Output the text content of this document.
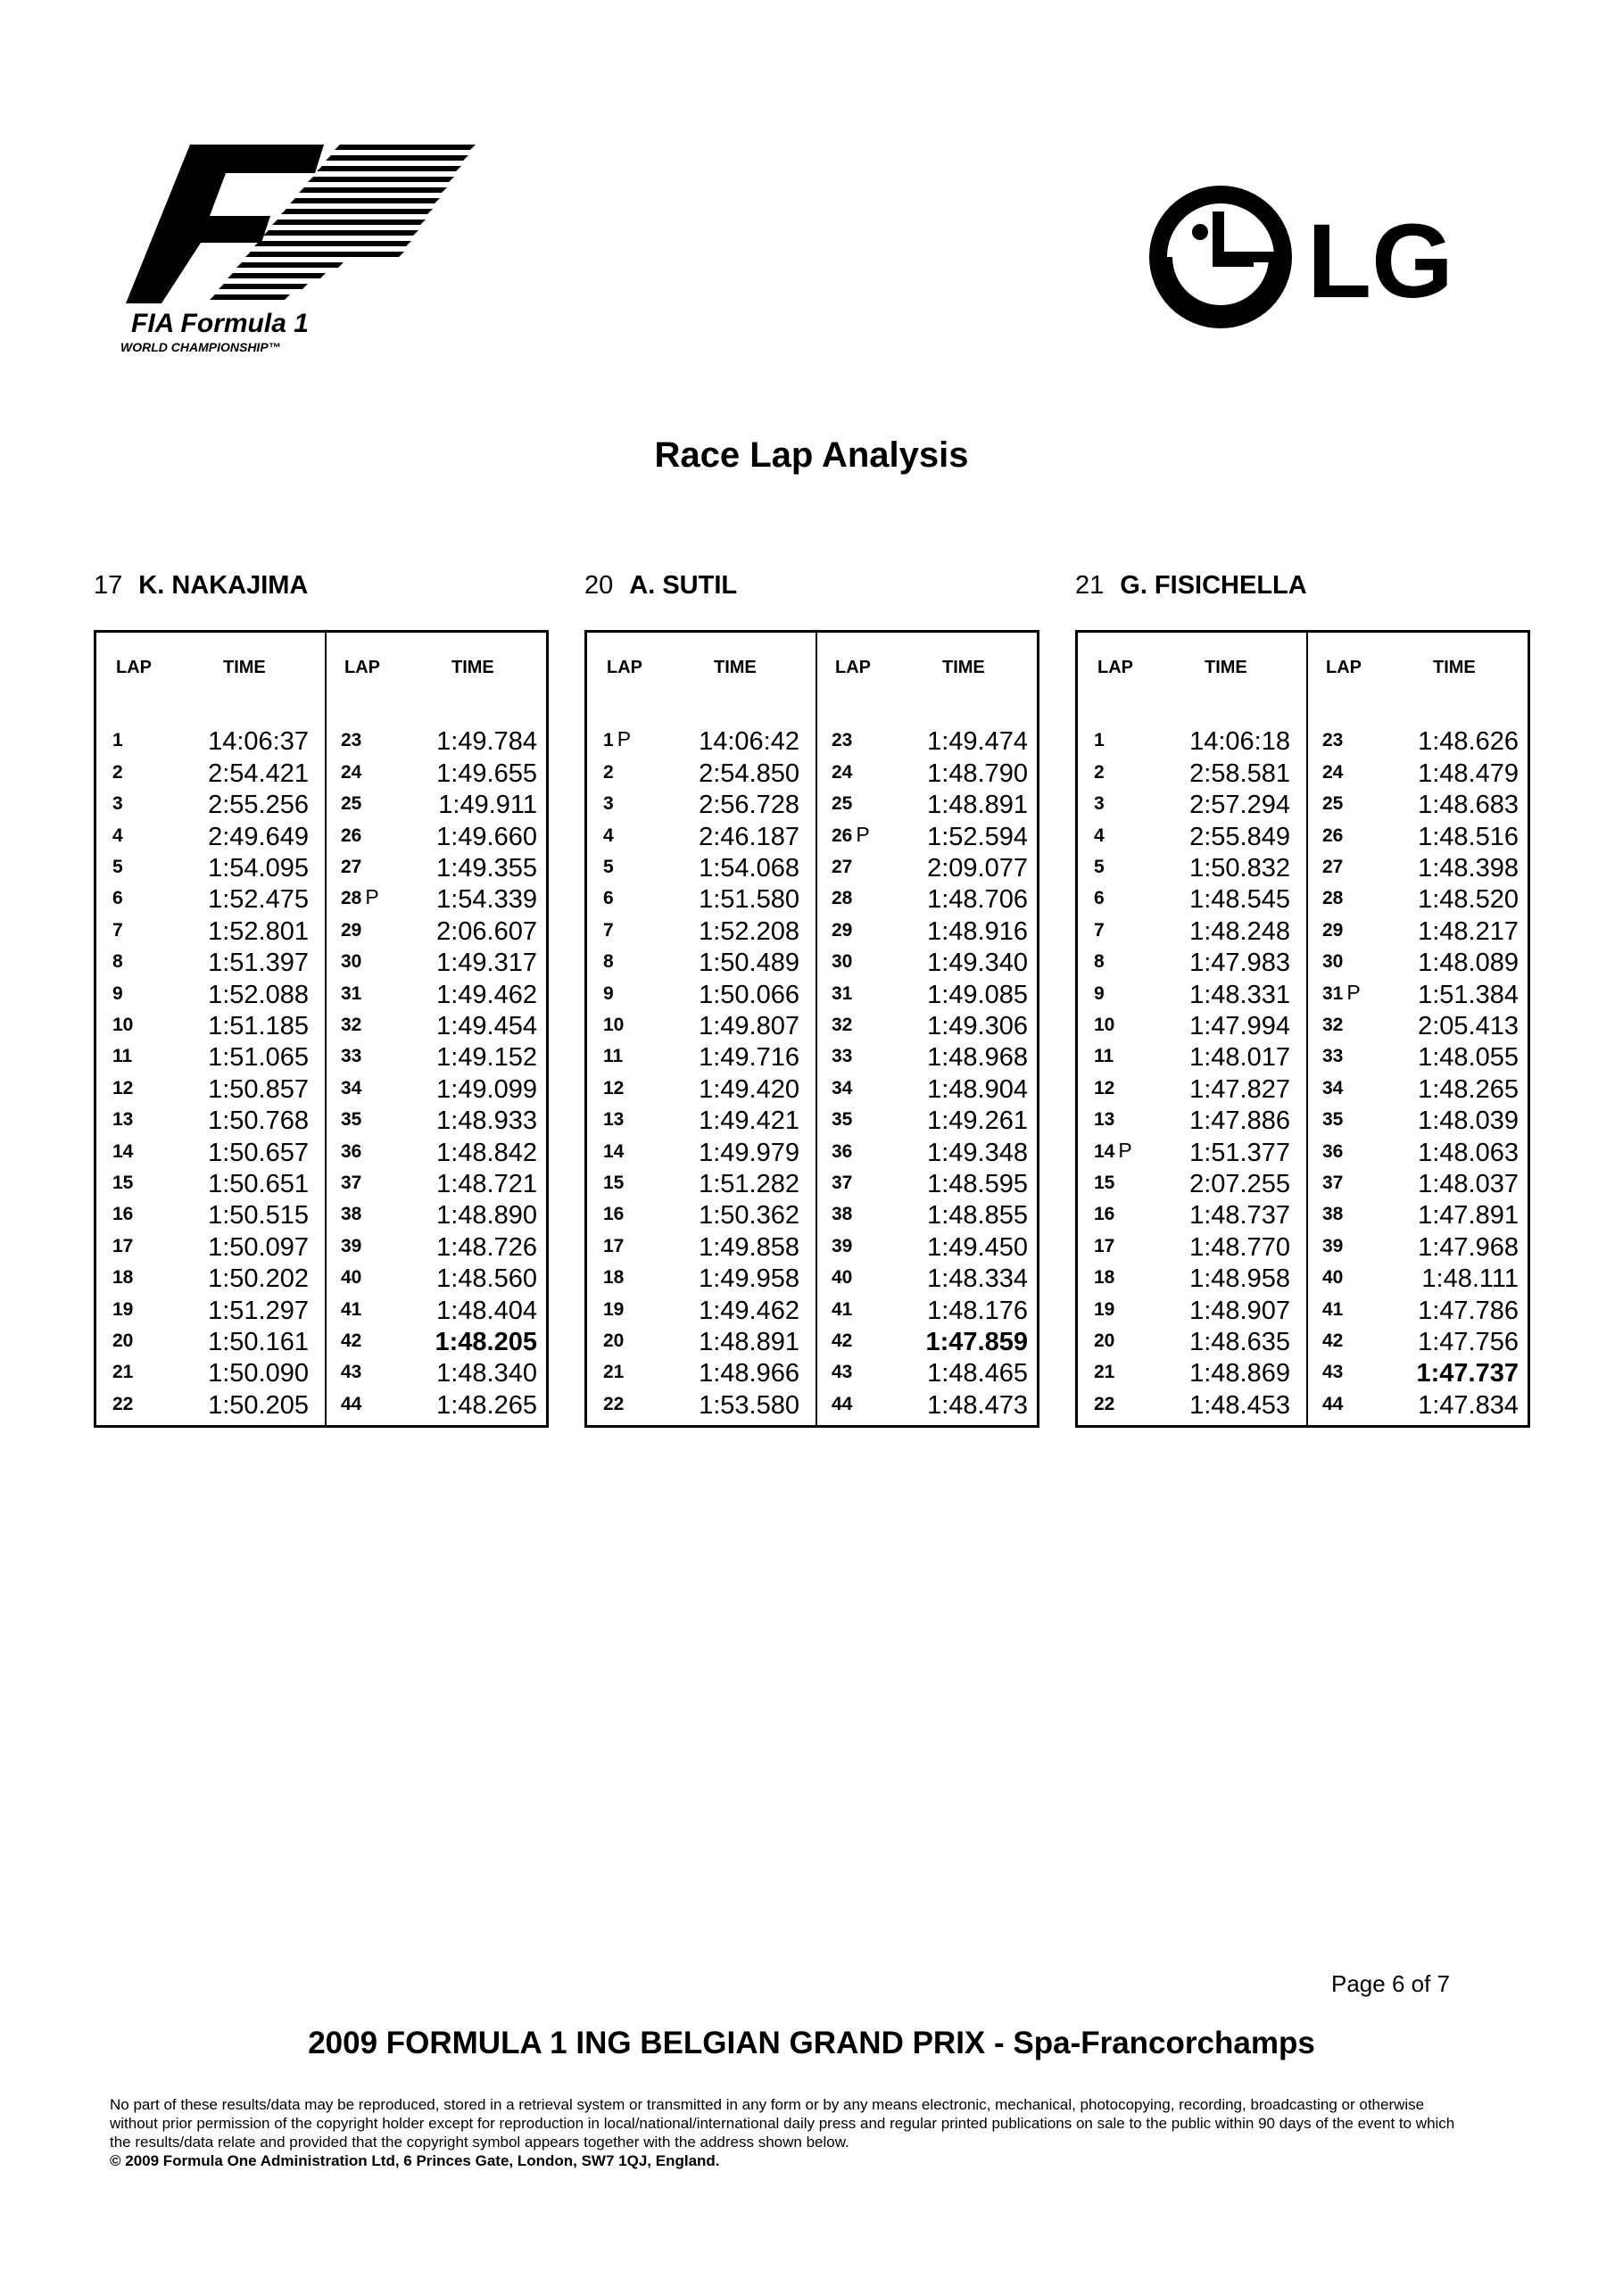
FIA Formula 1
WORLD CHAMPIONSHIP™
LG
Race Lap Analysis
17 K. NAKAJIMA
LAP	TIME
1	14:06:37
2	2:54.421
3	2:55.256
4	2:49.649
5	1:54.095
6	1:52.475
7	1:52.801
8	1:51.397
9	1:52.088
10	1:51.185
11	1:51.065
12	1:50.857
13	1:50.768
14	1:50.657
15	1:50.651
16	1:50.515
17	1:50.097
18	1:50.202
19	1:51.297
20	1:50.161
21	1:50.090
22	1:50.205
LAP	TIME
23	1:49.784
24	1:49.655
25	1:49.911
26	1:49.660
27	1:49.355
28 P 1:54.339
29	2:06.607
30	1:49.317
31	1:49.462
32	1:49.454
33	1:49.152
34	1:49.099
35	1:48.933
36	1:48.842
37	1:48.721
38	1:48.890
39	1:48.726
40	1:48.560
41	1:48.404
42	1:48.205
43	1:48.340
44	1:48.265
20 A. SUTIL
LAP	TIME
1 P	14:06:42
2	2:54.850
3	2:56.728
4	2:46.187
5	1:54.068
6	1:51.580
7	1:52.208
8	1:50.489
9	1:50.066
10	1:49.807
11	1:49.716
12	1:49.420
13	1:49.421
14	1:49.979
15	1:51.282
16	1:50.362
17	1:49.858
18	1:49.958
19	1:49.462
20	1:48.891
21	1:48.966
22	1:53.580
LAP	TIME
23	1:49.474
24	1:48.790
25	1:48.891
26 P 1:52.594
27	2:09.077
28	1:48.706
29	1:48.916
30	1:49.340
31	1:49.085
32	1:49.306
33	1:48.968
34	1:48.904
35	1:49.261
36	1:49.348
37	1:48.595
38	1:48.855
39	1:49.450
40	1:48.334
41	1:48.176
42	1:47.859
43	1:48.465
44	1:48.473
21 G. FISICHELLA
LAP	TIME
1	14:06:18
2	2:58.581
3	2:57.294
4	2:55.849
5	1:50.832
6	1:48.545
7	1:48.248
8	1:47.983
9	1:48.331
10	1:47.994
11	1:48.017
12	1:47.827
13	1:47.886
14 P 1:51.377
15	2:07.255
16	1:48.737
17	1:48.770
18	1:48.958
19	1:48.907
20	1:48.635
21	1:48.869
22	1:48.453
LAP	TIME
23	1:48.626
24	1:48.479
25	1:48.683
26	1:48.516
27	1:48.398
28	1:48.520
29	1:48.217
30	1:48.089
31 P 1:51.384
32	2:05.413
33	1:48.055
34	1:48.265
35	1:48.039
36	1:48.063
37	1:48.037
38	1:47.891
39	1:47.968
40	1:48.111
41	1:47.786
42	1:47.756
43	1:47.737
44	1:47.834
Page 6 of 7
2009 FORMULA 1 ING BELGIAN GRAND PRIX - Spa-Francorchamps

No part of these results/data may be reproduced, stored in a retrieval system or transmitted in any form or by any means electronic, mechanical, photocopying, recording, broadcasting or otherwise

without prior permission of the copyright holder except for reproduction in local/national/international daily press and regular printed publications on sale to the public within 90 days of the event to which

the results/data relate and provided that the copyright symbol appears together with the address shown below.

© 2009 Formula One Administration Ltd, 6 Princes Gate, London, SW7 1QJ, England.
